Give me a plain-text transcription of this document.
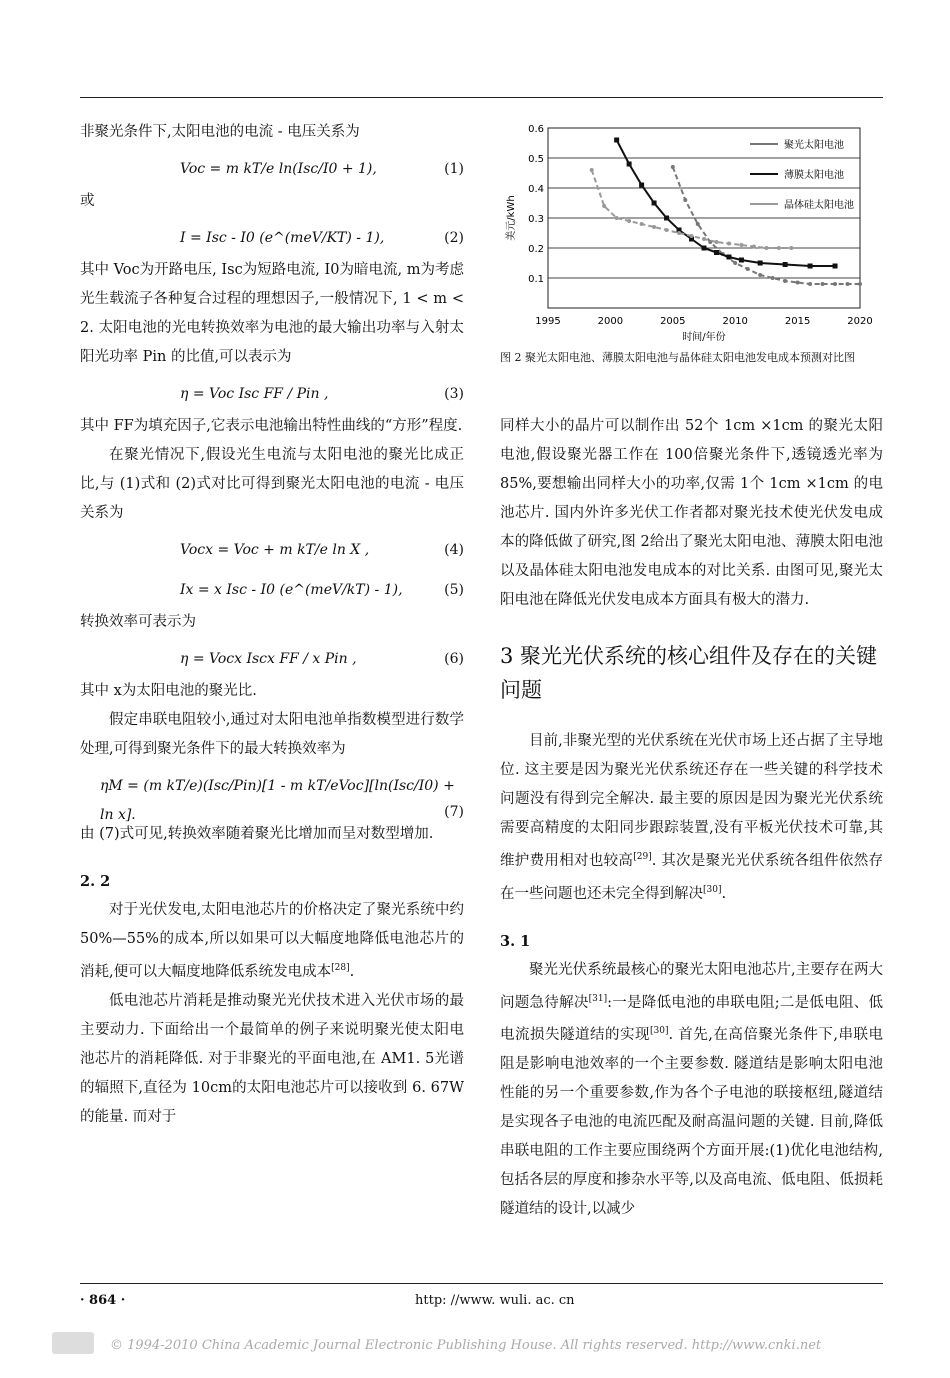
非聚光条件下,太阳电池的电流 - 电压关系为

Voc = m kT/e ln(Isc/I0 + 1),	(1)

或

I = Isc - I0 (e^(meV/KT) - 1),	(2)

其中 Voc为开路电压, Isc为短路电流, I0为暗电流, m为考虑光生载流子各种复合过程的理想因子,一般情况下, 1 < m < 2. 太阳电池的光电转换效率为电池的最大输出功率与入射太阳光功率 Pin 的比值,可以表示为

η = Voc Isc FF / Pin ,	(3)

其中 FF为填充因子,它表示电池输出特性曲线的“方形”程度.

在聚光情况下,假设光生电流与太阳电池的聚光比成正比,与 (1)式和 (2)式对比可得到聚光太阳电池的电流 - 电压关系为

Vocx = Voc + m kT/e ln X ,	(4)
Ix = x Isc - I0 (e^(meV/kT) - 1),	(5)

转换效率可表示为

η = Vocx Iscx FF / x Pin ,	(6)

其中 x为太阳电池的聚光比.

假定串联电阻较小,通过对太阳电池单指数模型进行数学处理,可得到聚光条件下的最大转换效率为

ηM = (m kT/e)(Isc/Pin)[1 - m kT/eVoc][ln(Isc/I0) + ln x].	(7)

由 (7)式可见,转换效率随着聚光比增加而呈对数型增加.

2. 2

对于光伏发电,太阳电池芯片的价格决定了聚光系统中约 50%—55%的成本,所以如果可以大幅度地降低电池芯片的消耗,便可以大幅度地降低系统发电成本[28].

低电池芯片消耗是推动聚光光伏技术进入光伏市场的最主要动力. 下面给出一个最简单的例子来说明聚光使太阳电池芯片的消耗降低. 对于非聚光的平面电池,在 AM1. 5光谱的辐照下,直径为 10cm的太阳电池芯片可以接收到 6. 67W 的能量. 而对于

0.1
0.2
0.3
0.4
0.5
0.6
1995	2000	2005	2010	2015	2020
时间/年份
美元/kWh
聚光太阳电池
薄膜太阳电池
晶体硅太阳电池
图 2 聚光太阳电池、薄膜太阳电池与晶体硅太阳电池发电成本预测对比图

同样大小的晶片可以制作出 52个 1cm ×1cm 的聚光太阳电池,假设聚光器工作在 100倍聚光条件下,透镜透光率为 85%,要想输出同样大小的功率,仅需 1个 1cm ×1cm 的电池芯片. 国内外许多光伏工作者都对聚光技术使光伏发电成本的降低做了研究,图 2给出了聚光太阳电池、薄膜太阳电池以及晶体硅太阳电池发电成本的对比关系. 由图可见,聚光太阳电池在降低光伏发电成本方面具有极大的潜力.

3 聚光光伏系统的核心组件及存在的关键问题

目前,非聚光型的光伏系统在光伏市场上还占据了主导地位. 这主要是因为聚光光伏系统还存在一些关键的科学技术问题没有得到完全解决. 最主要的原因是因为聚光光伏系统需要高精度的太阳同步跟踪装置,没有平板光伏技术可靠,其维护费用相对也较高[29]. 其次是聚光光伏系统各组件依然存在一些问题也还未完全得到解决[30].

3. 1

聚光光伏系统最核心的聚光太阳电池芯片,主要存在两大问题急待解决[31]:一是降低电池的串联电阻;二是低电阻、低电流损失隧道结的实现[30]. 首先,在高倍聚光条件下,串联电阻是影响电池效率的一个主要参数. 隧道结是影响太阳电池性能的另一个重要参数,作为各个子电池的联接枢纽,隧道结是实现各子电池的电流匹配及耐高温问题的关键. 目前,降低串联电阻的工作主要应围绕两个方面开展:(1)优化电池结构,包括各层的厚度和掺杂水平等,以及高电流、低电阻、低损耗隧道结的设计,以减少

· 864 ·	http: //www. wuli. ac. cn
© 1994-2010 China Academic Journal Electronic Publishing House. All rights reserved. http://www.cnki.net
